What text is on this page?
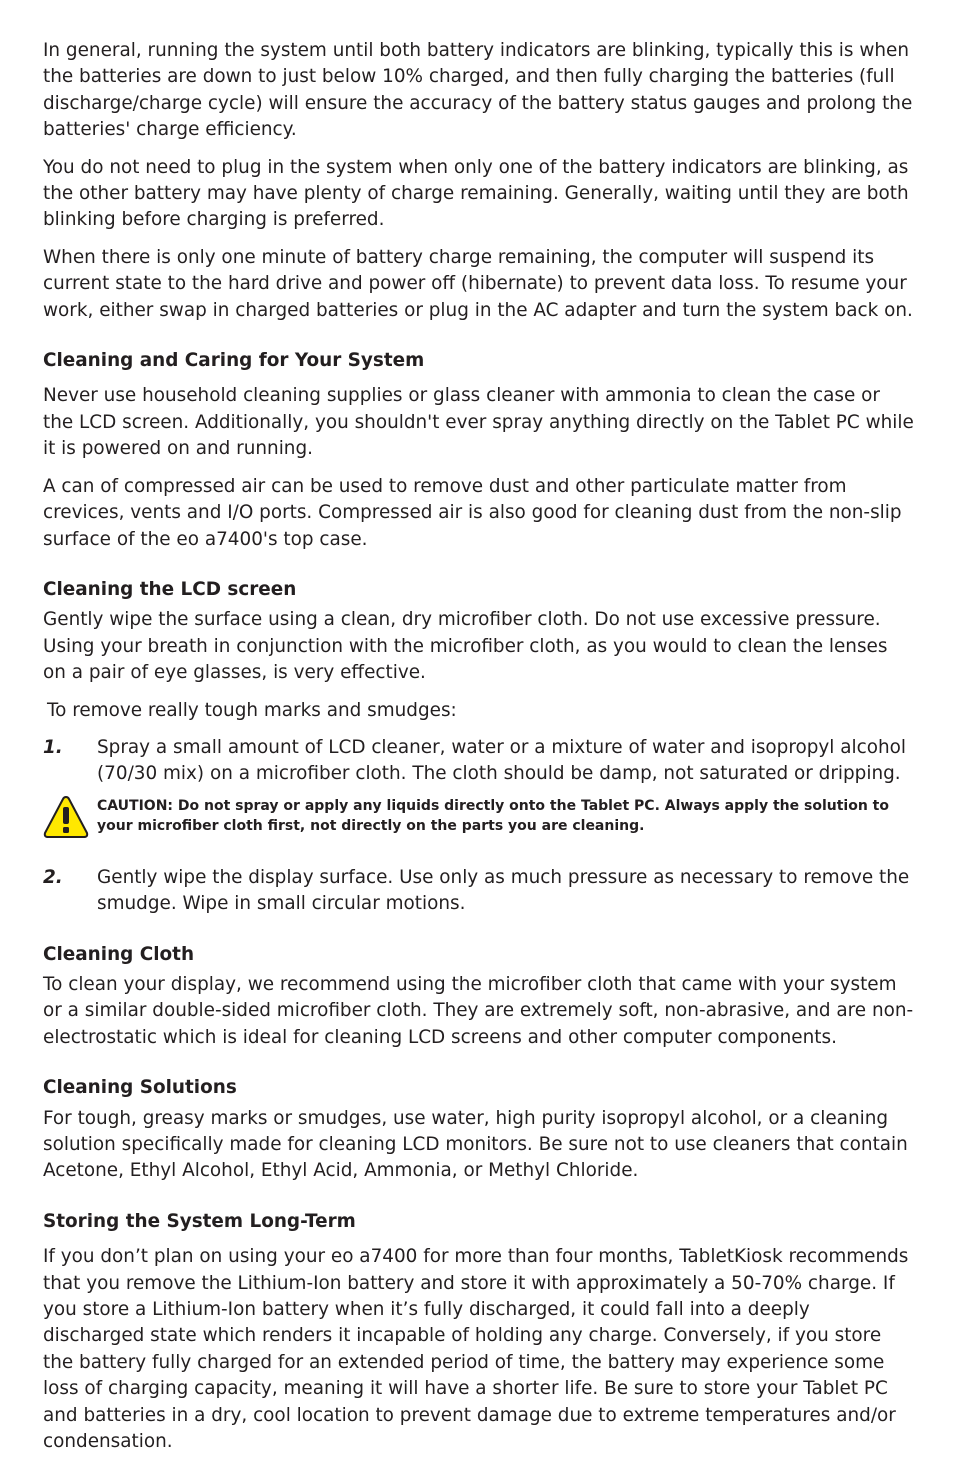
In general, running the system until both battery indicators are blinking, typically this is when the batteries are down to just below 10% charged, and then fully charging the batteries (full discharge/charge cycle) will ensure the accuracy of the battery status gauges and prolong the batteries' charge efficiency.

You do not need to plug in the system when only one of the battery indicators are blinking, as the other battery may have plenty of charge remaining. Generally, waiting until they are both blinking before charging is preferred.

When there is only one minute of battery charge remaining, the computer will suspend its current state to the hard drive and power off (hibernate) to prevent data loss. To resume your work, either swap in charged batteries or plug in the AC adapter and turn the system back on.

Cleaning and Caring for Your System

Never use household cleaning supplies or glass cleaner with ammonia to clean the case or the LCD screen. Additionally, you shouldn't ever spray anything directly on the Tablet PC while it is powered on and running.

A can of compressed air can be used to remove dust and other particulate matter from crevices, vents and I/O ports. Compressed air is also good for cleaning dust from the non-slip surface of the eo a7400's top case.

Cleaning the LCD screen

Gently wipe the surface using a clean, dry microfiber cloth. Do not use excessive pressure. Using your breath in conjunction with the microfiber cloth, as you would to clean the lenses on a pair of eye glasses, is very effective.

To remove really tough marks and smudges:

1.	Spray a small amount of LCD cleaner, water or a mixture of water and isopropyl alcohol (70/30 mix) on a microfiber cloth. The cloth should be damp, not saturated or dripping.
CAUTION: Do not spray or apply any liquids directly onto the Tablet PC. Always apply the solution to your microfiber cloth first, not directly on the parts you are cleaning.
2.	Gently wipe the display surface. Use only as much pressure as necessary to remove the smudge. Wipe in small circular motions.
Cleaning Cloth

To clean your display, we recommend using the microfiber cloth that came with your system or a similar double-sided microfiber cloth. They are extremely soft, non-abrasive, and are non-electrostatic which is ideal for cleaning LCD screens and other computer components.

Cleaning Solutions

For tough, greasy marks or smudges, use water, high purity isopropyl alcohol, or a cleaning solution specifically made for cleaning LCD monitors. Be sure not to use cleaners that contain Acetone, Ethyl Alcohol, Ethyl Acid, Ammonia, or Methyl Chloride.

Storing the System Long-Term

If you don’t plan on using your eo a7400 for more than four months, TabletKiosk recommends that you remove the Lithium-Ion battery and store it with approximately a 50-70% charge. If you store a Lithium-Ion battery when it’s fully discharged, it could fall into a deeply discharged state which renders it incapable of holding any charge. Conversely, if you store the battery fully charged for an extended period of time, the battery may experience some loss of charging capacity, meaning it will have a shorter life. Be sure to store your Tablet PC and batteries in a dry, cool location to prevent damage due to extreme temperatures and/or condensation.
